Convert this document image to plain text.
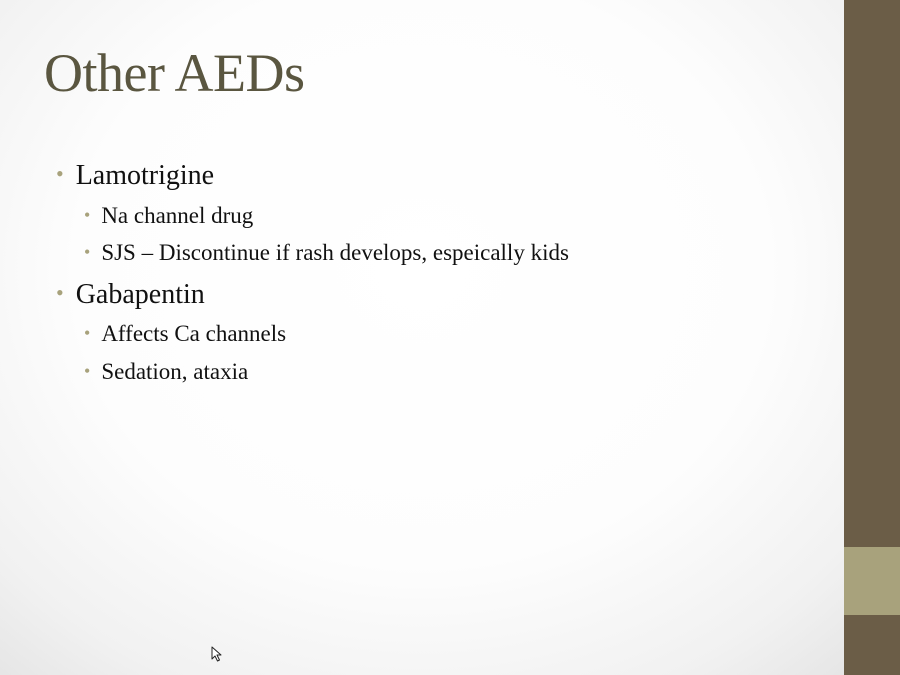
Other AEDs
• Lamotrigine
• Na channel drug
• SJS – Discontinue if rash develops, espeically kids
• Gabapentin
• Affects Ca channels
• Sedation, ataxia
